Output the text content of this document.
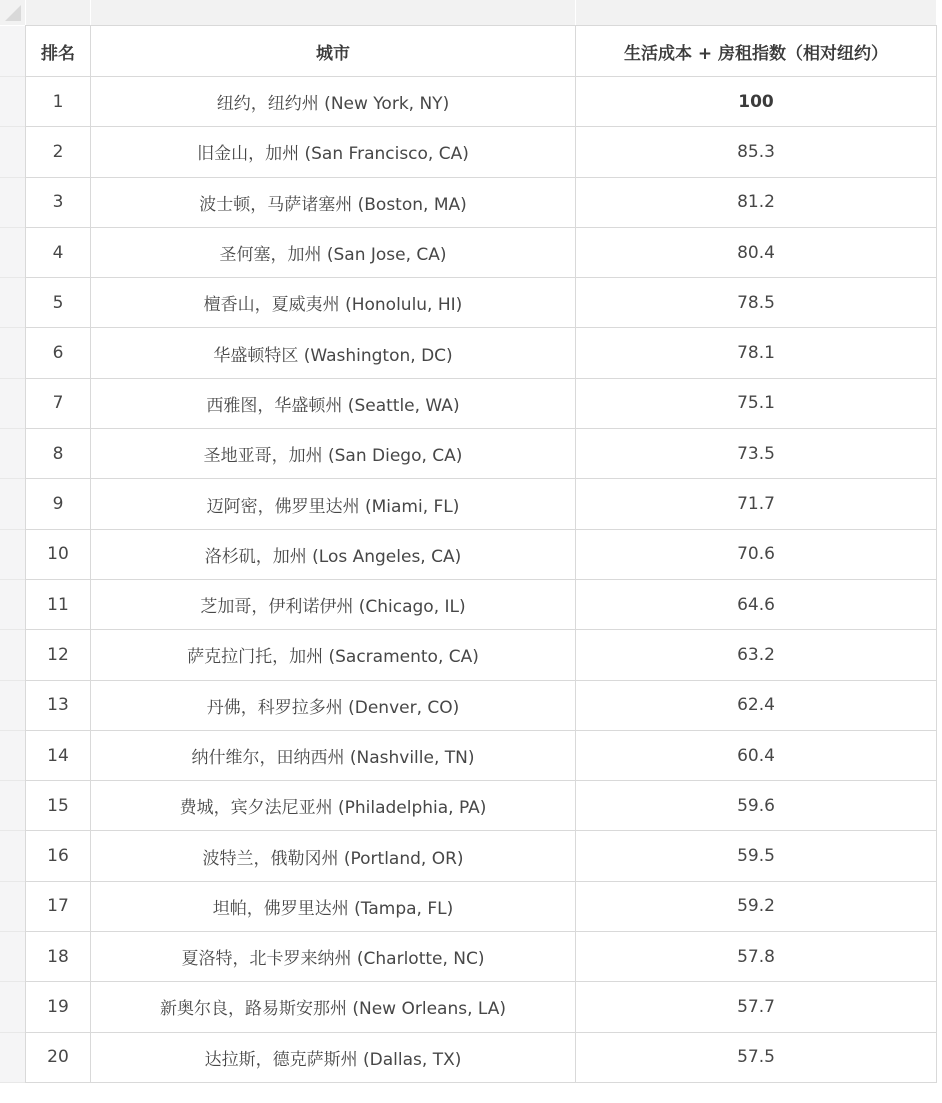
排名	城市	生活成本 + 房租指数（相对纽约）
1	纽约，纽约州 (New York, NY)	100
2	旧金山，加州 (San Francisco, CA)	85.3
3	波士顿，马萨诸塞州 (Boston, MA)	81.2
4	圣何塞，加州 (San Jose, CA)	80.4
5	檀香山，夏威夷州 (Honolulu, HI)	78.5
6	华盛顿特区 (Washington, DC)	78.1
7	西雅图，华盛顿州 (Seattle, WA)	75.1
8	圣地亚哥，加州 (San Diego, CA)	73.5
9	迈阿密，佛罗里达州 (Miami, FL)	71.7
10	洛杉矶，加州 (Los Angeles, CA)	70.6
11	芝加哥，伊利诺伊州 (Chicago, IL)	64.6
12	萨克拉门托，加州 (Sacramento, CA)	63.2
13	丹佛，科罗拉多州 (Denver, CO)	62.4
14	纳什维尔，田纳西州 (Nashville, TN)	60.4
15	费城，宾夕法尼亚州 (Philadelphia, PA)	59.6
16	波特兰，俄勒冈州 (Portland, OR)	59.5
17	坦帕，佛罗里达州 (Tampa, FL)	59.2
18	夏洛特，北卡罗来纳州 (Charlotte, NC)	57.8
19	新奥尔良，路易斯安那州 (New Orleans, LA)	57.7
20	达拉斯，德克萨斯州 (Dallas, TX)	57.5
